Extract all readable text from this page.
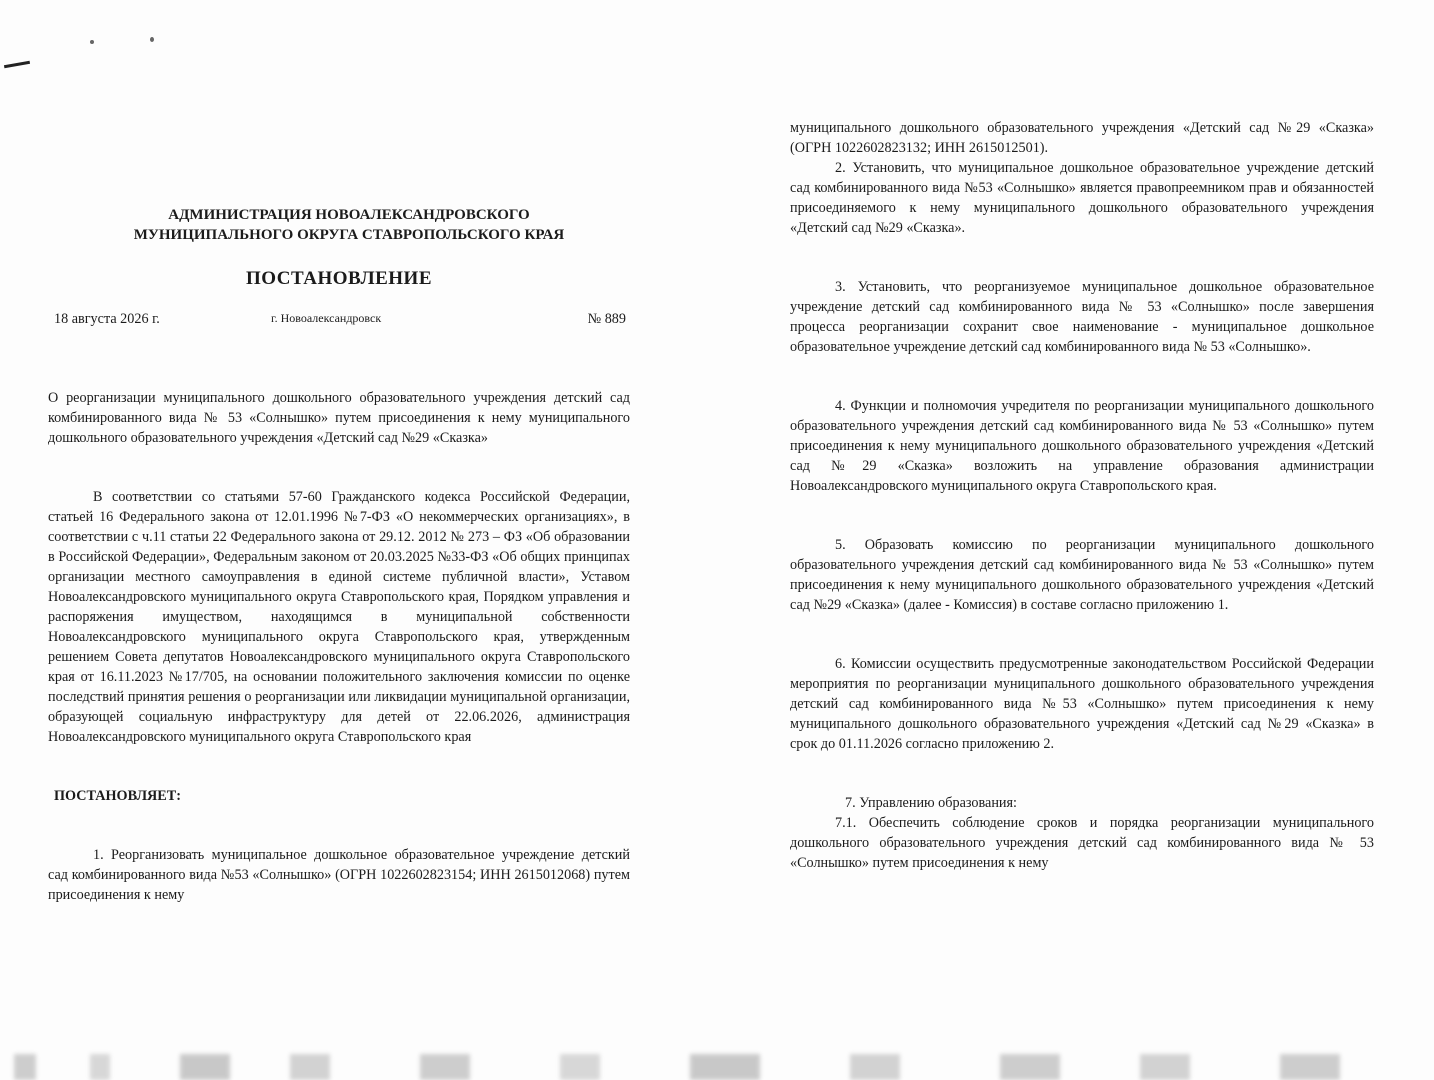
АДМИНИСТРАЦИЯ НОВОАЛЕКСАНДРОВСКОГО
МУНИЦИПАЛЬНОГО ОКРУГА СТАВРОПОЛЬСКОГО КРАЯ
ПОСТАНОВЛЕНИЕ
18 августа 2026 г.	г. Новоалександровск	№ 889
О реорганизации муниципального дошкольного образовательного учреждения детский сад комбинированного вида № 53 «Солнышко» путем присоединения к нему муниципального дошкольного образовательного учреждения «Детский сад №29 «Сказка»
В соответствии со статьями 57-60 Гражданского кодекса Российской Федерации, статьей 16 Федерального закона от 12.01.1996 №7-ФЗ «О некоммерческих организациях», в соответствии с ч.11 статьи 22 Федерального закона от 29.12. 2012 № 273 – ФЗ «Об образовании в Российской Федерации», Федеральным законом от 20.03.2025 №33-ФЗ «Об общих принципах организации местного самоуправления в единой системе публичной власти», Уставом Новоалександровского муниципального округа Ставропольского края, Порядком управления и распоряжения имуществом, находящимся в муниципальной собственности Новоалександровского муниципального округа Ставропольского края, утвержденным решением Совета депутатов Новоалександровского муниципального округа Ставропольского края от 16.11.2023 №17/705, на основании положительного заключения комиссии по оценке последствий принятия решения о реорганизации или ликвидации муниципальной организации, образующей социальную инфраструктуру для детей от 22.06.2026, администрация Новоалександровского муниципального округа Ставропольского края
ПОСТАНОВЛЯЕТ:
1. Реорганизовать муниципальное дошкольное образовательное учреждение детский сад комбинированного вида №53 «Солнышко» (ОГРН 1022602823154; ИНН 2615012068) путем присоединения к нему
муниципального дошкольного образовательного учреждения «Детский сад №29 «Сказка» (ОГРН 1022602823132; ИНН 2615012501).
2. Установить, что муниципальное дошкольное образовательное учреждение детский сад комбинированного вида №53 «Солнышко» является правопреемником прав и обязанностей присоединяемого к нему муниципального дошкольного образовательного учреждения «Детский сад №29 «Сказка».
3. Установить, что реорганизуемое муниципальное дошкольное образовательное учреждение детский сад комбинированного вида № 53 «Солнышко» после завершения процесса реорганизации сохранит свое наименование - муниципальное дошкольное образовательное учреждение детский сад комбинированного вида № 53 «Солнышко».
4. Функции и полномочия учредителя по реорганизации муниципального дошкольного образовательного учреждения детский сад комбинированного вида № 53 «Солнышко» путем присоединения к нему муниципального дошкольного образовательного учреждения «Детский сад №29 «Сказка» возложить на управление образования администрации Новоалександровского муниципального округа Ставропольского края.
5. Образовать комиссию по реорганизации муниципального дошкольного образовательного учреждения детский сад комбинированного вида № 53 «Солнышко» путем присоединения к нему муниципального дошкольного образовательного учреждения «Детский сад №29 «Сказка» (далее - Комиссия) в составе согласно приложению 1.
6. Комиссии осуществить предусмотренные законодательством Российской Федерации мероприятия по реорганизации муниципального дошкольного образовательного учреждения детский сад комбинированного вида №53 «Солнышко» путем присоединения к нему муниципального дошкольного образовательного учреждения «Детский сад №29 «Сказка» в срок до 01.11.2026 согласно приложению 2.
7. Управлению образования:
7.1. Обеспечить соблюдение сроков и порядка реорганизации муниципального дошкольного образовательного учреждения детский сад комбинированного вида № 53 «Солнышко» путем присоединения к нему
